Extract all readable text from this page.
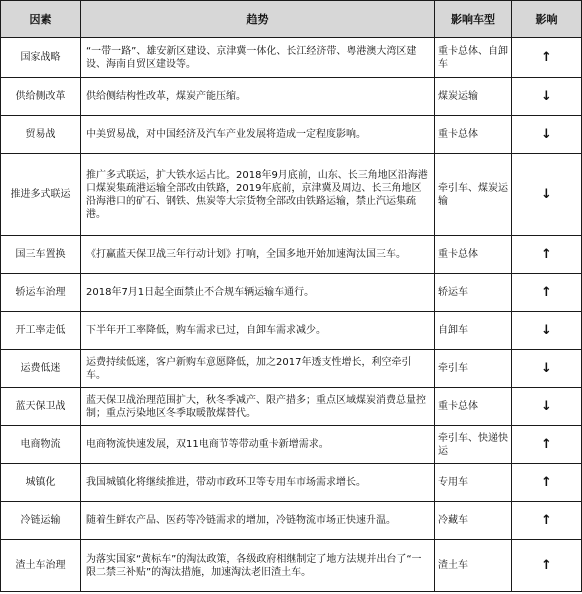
因素	趋势	影响车型	影响
国家战略	“一带一路”、雄安新区建设、京津冀一体化、长江经济带、粤港澳大湾区建设、海南自贸区建设等。	重卡总体、自卸车	↑
供给侧改革	供给侧结构性改革，煤炭产能压缩。	煤炭运输	↓
贸易战	中美贸易战，对中国经济及汽车产业发展将造成一定程度影响。	重卡总体	↓
推进多式联运	推广多式联运，扩大铁水运占比。2018年9月底前，山东、长三角地区沿海港口煤炭集疏港运输全部改由铁路，2019年底前，京津冀及周边、长三角地区沿海港口的矿石、钢铁、焦炭等大宗货物全部改由铁路运输，禁止汽运集疏港。	牵引车、煤炭运输	↓
国三车置换	《打赢蓝天保卫战三年行动计划》打响，全国多地开始加速淘汰国三车。	重卡总体	↑
轿运车治理	2018年7月1日起全面禁止不合规车辆运输车通行。	轿运车	↑
开工率走低	下半年开工率降低，购车需求已过，自卸车需求减少。	自卸车	↓
运费低迷	运费持续低迷，客户新购车意愿降低，加之2017年透支性增长，利空牵引车。	牵引车	↓
蓝天保卫战	蓝天保卫战治理范围扩大，秋冬季减产、限产措多；重点区域煤炭消费总量控制；重点污染地区冬季取暖散煤替代。	重卡总体	↓
电商物流	电商物流快速发展，双11电商节等带动重卡新增需求。	牵引车、快递快运	↑
城镇化	我国城镇化将继续推进，带动市政环卫等专用车市场需求增长。	专用车	↑
冷链运输	随着生鲜农产品、医药等冷链需求的增加，冷链物流市场正快速升温。	冷藏车	↑
渣土车治理	为落实国家“黄标车”的淘汰政策，各级政府相继制定了地方法规并出台了“一限二禁三补贴”的淘汰措施，加速淘汰老旧渣土车。	渣土车	↑
